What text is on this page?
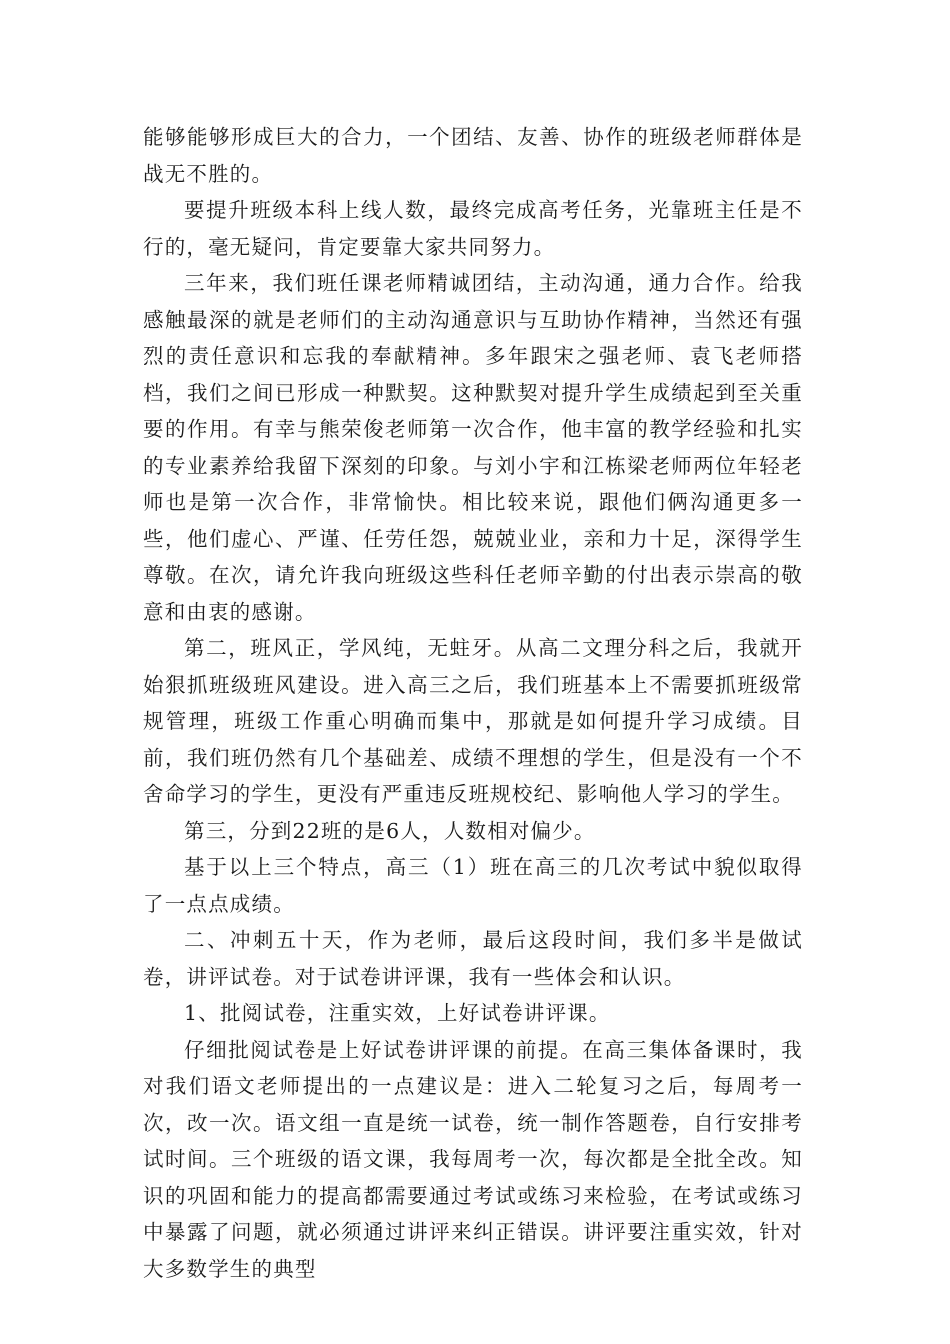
能够能够形成巨大的合力，一个团结、友善、协作的班级老师群体是战无不胜的。

要提升班级本科上线人数，最终完成高考任务，光靠班主任是不行的，毫无疑问，肯定要靠大家共同努力。

三年来，我们班任课老师精诚团结，主动沟通，通力合作。给我感触最深的就是老师们的主动沟通意识与互助协作精神，当然还有强烈的责任意识和忘我的奉献精神。多年跟宋之强老师、袁飞老师搭档，我们之间已形成一种默契。这种默契对提升学生成绩起到至关重要的作用。有幸与熊荣俊老师第一次合作，他丰富的教学经验和扎实的专业素养给我留下深刻的印象。与刘小宇和江栋梁老师两位年轻老师也是第一次合作，非常愉快。相比较来说，跟他们俩沟通更多一些，他们虚心、严谨、任劳任怨，兢兢业业，亲和力十足，深得学生尊敬。在次，请允许我向班级这些科任老师辛勤的付出表示崇高的敬意和由衷的感谢。

第二，班风正，学风纯，无蛀牙。从高二文理分科之后，我就开始狠抓班级班风建设。进入高三之后，我们班基本上不需要抓班级常规管理，班级工作重心明确而集中，那就是如何提升学习成绩。目前，我们班仍然有几个基础差、成绩不理想的学生，但是没有一个不舍命学习的学生，更没有严重违反班规校纪、影响他人学习的学生。

第三，分到22班的是6人，人数相对偏少。

基于以上三个特点，高三（1）班在高三的几次考试中貌似取得了一点点成绩。

二、冲刺五十天，作为老师，最后这段时间，我们多半是做试卷，讲评试卷。对于试卷讲评课，我有一些体会和认识。

1、批阅试卷，注重实效，上好试卷讲评课。

仔细批阅试卷是上好试卷讲评课的前提。在高三集体备课时，我对我们语文老师提出的一点建议是：进入二轮复习之后，每周考一次，改一次。语文组一直是统一试卷，统一制作答题卷，自行安排考试时间。三个班级的语文课，我每周考一次，每次都是全批全改。知识的巩固和能力的提高都需要通过考试或练习来检验，在考试或练习中暴露了问题，就必须通过讲评来纠正错误。讲评要注重实效，针对大多数学生的典型
